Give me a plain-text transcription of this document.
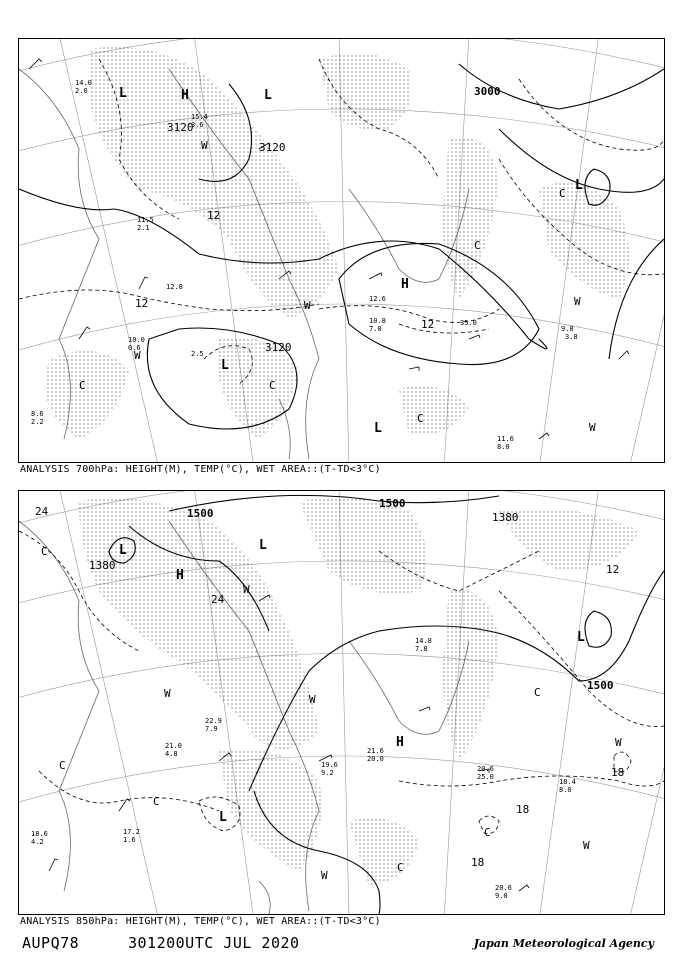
3120
3120
3120
3000
12
12
12
L
L
L
L
L
H
H
W
W	W
W
W
C	C
C
C
C
11.6
8.0
12.8
2.5
9.8
3.8
12.6
35.0
10.8
7.0
14.0
2.0
15.4
3.6
10.0
0.6
8.6
2.2
11.5
2.1
ANALYSIS 700hPa: HEIGHT(M), TEMP(°C), WET AREA::(T-TD<3°C)
1500
1500
1500
1380
1380
24
24
18
18
18
12
L	L
L
L
H
H
W
W	W
W
W
W
C
C
C
C
C
C
20.6
25.0
18.4
8.0
21.6
20.0
19.6
9.2
20.6
9.0
21.0
4.8
18.6
4.2
22.9
7.9
17.2
1.6
14.8
7.8
ANALYSIS 850hPa: HEIGHT(M), TEMP(°C), WET AREA::(T-TD<3°C)
AUPQ78	301200UTC JUL 2020	Japan Meteorological Agency
